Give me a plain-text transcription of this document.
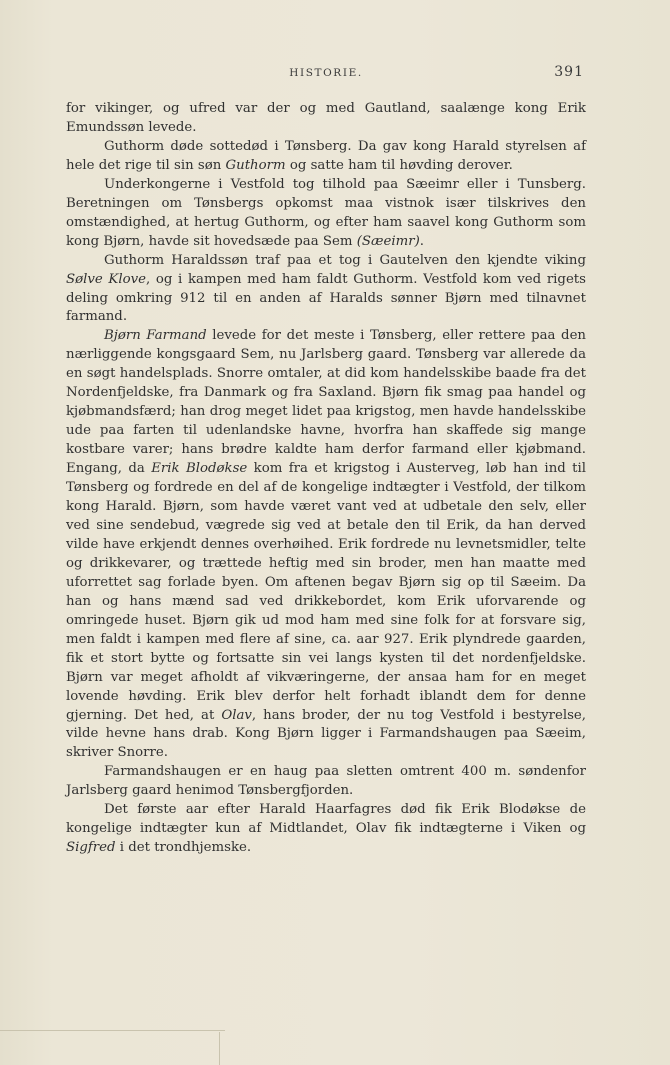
HISTORIE.	391

for vikinger, og ufred var der og med Gautland, saalænge kong Erik Emundssøn levede.

Guthorm døde sottedød i Tønsberg. Da gav kong Harald styrelsen af hele det rige til sin søn Guthorm og satte ham til høvding derover.

Underkongerne i Vestfold tog tilhold paa Sæeimr eller i Tunsberg. Beretningen om Tønsbergs opkomst maa vistnok især tilskrives den omstændighed, at hertug Guthorm, og efter ham saavel kong Guthorm som kong Bjørn, havde sit hovedsæde paa Sem (Sæeimr).

Guthorm Haraldssøn traf paa et tog i Gautelven den kjendte viking Sølve Klove, og i kampen med ham faldt Guthorm. Vestfold kom ved rigets deling omkring 912 til en anden af Haralds sønner Bjørn med tilnavnet farmand.

Bjørn Farmand levede for det meste i Tønsberg, eller rettere paa den nærliggende kongsgaard Sem, nu Jarlsberg gaard. Tønsberg var allerede da en søgt handelsplads. Snorre omtaler, at did kom handelsskibe baade fra det Nordenfjeldske, fra Danmark og fra Saxland. Bjørn fik smag paa handel og kjøbmandsfærd; han drog meget lidet paa krigstog, men havde handelsskibe ude paa farten til udenlandske havne, hvorfra han skaffede sig mange kostbare varer; hans brødre kaldte ham derfor farmand eller kjøbmand. Engang, da Erik Blodøkse kom fra et krigstog i Austerveg, løb han ind til Tønsberg og fordrede en del af de kongelige indtægter i Vestfold, der tilkom kong Harald. Bjørn, som havde været vant ved at udbetale den selv, eller ved sine sendebud, vægrede sig ved at betale den til Erik, da han derved vilde have erkjendt dennes overhøihed. Erik fordrede nu levnetsmidler, telte og drikkevarer, og trættede heftig med sin broder, men han maatte med uforrettet sag forlade byen. Om aftenen begav Bjørn sig op til Sæeim. Da han og hans mænd sad ved drikkebordet, kom Erik uforvarende og omringede huset. Bjørn gik ud mod ham med sine folk for at forsvare sig, men faldt i kampen med flere af sine, ca. aar 927. Erik plyndrede gaarden, fik et stort bytte og fortsatte sin vei langs kysten til det nordenfjeldske. Bjørn var meget afholdt af vikværingerne, der ansaa ham for en meget lovende høvding. Erik blev derfor helt forhadt iblandt dem for denne gjerning. Det hed, at Olav, hans broder, der nu tog Vestfold i bestyrelse, vilde hevne hans drab. Kong Bjørn ligger i Farmandshaugen paa Sæeim, skriver Snorre.

Farmandshaugen er en haug paa sletten omtrent 400 m. søndenfor Jarlsberg gaard henimod Tønsbergfjorden.

Det første aar efter Harald Haarfagres død fik Erik Blodøkse de kongelige indtægter kun af Midtlandet, Olav fik indtægterne i Viken og Sigfred i det trondhjemske.
